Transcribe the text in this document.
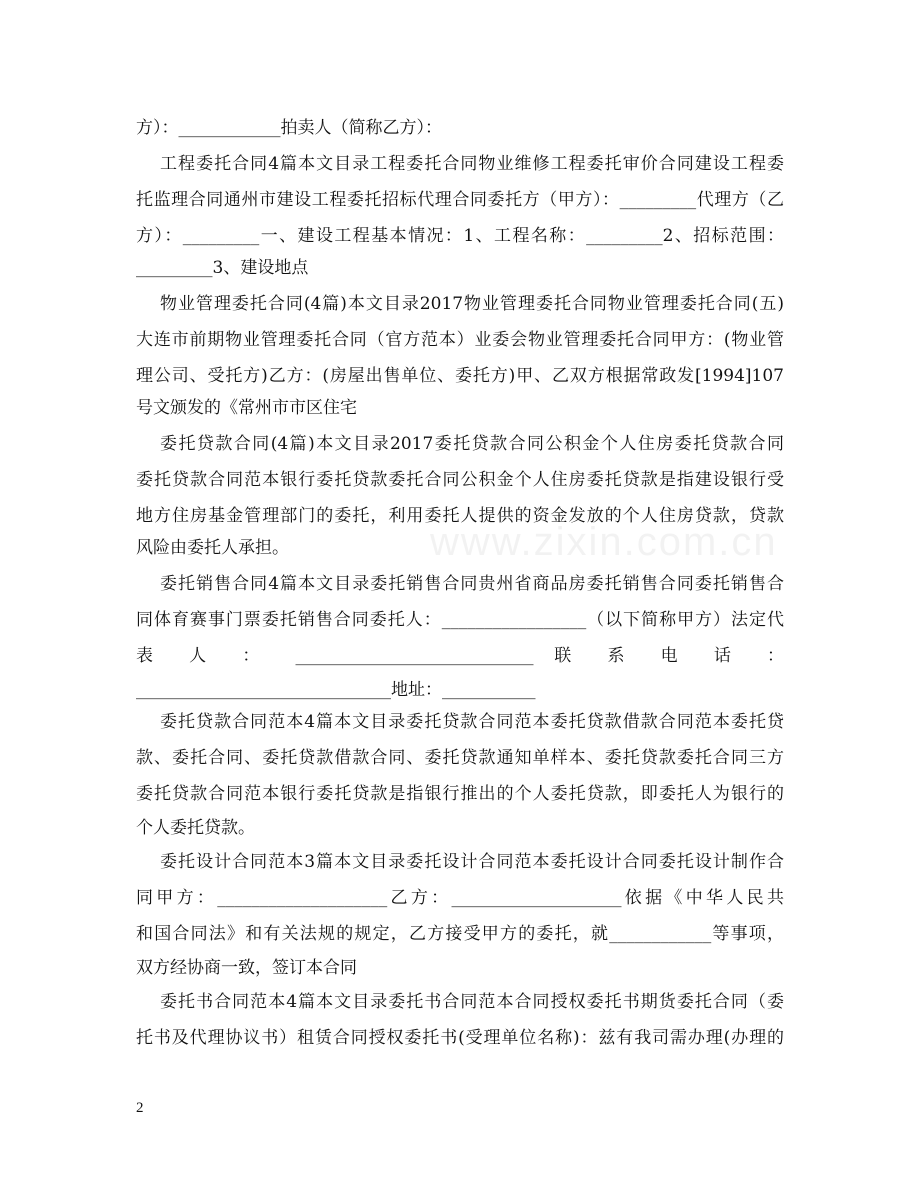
www.zixin.com.cn
方）：____________拍卖人（简称乙方）：
工程委托合同4篇本文目录工程委托合同物业维修工程委托审价合同建设工程委
托监理合同通州市建设工程委托招标代理合同委托方（甲方）：_________代理方（乙
方）：_________一、建设工程基本情况：1、工程名称：_________2、招标范围：
_________3、建设地点
物业管理委托合同(4篇)本文目录2017物业管理委托合同物业管理委托合同(五)
大连市前期物业管理委托合同（官方范本）业委会物业管理委托合同甲方：(物业管
理公司、受托方)乙方：(房屋出售单位、委托方)甲、乙双方根据常政发[1994]107
号文颁发的《常州市市区住宅
委托贷款合同(4篇)本文目录2017委托贷款合同公积金个人住房委托贷款合同
委托贷款合同范本银行委托贷款委托合同公积金个人住房委托贷款是指建设银行受
地方住房基金管理部门的委托，利用委托人提供的资金发放的个人住房贷款，贷款
风险由委托人承担。
委托销售合同4篇本文目录委托销售合同贵州省商品房委托销售合同委托销售合
同体育赛事门票委托销售合同委托人：_________________（以下简称甲方）法定代
表 人 ： ____________________________ 联 系 电 话 ：
______________________________地址：___________
委托贷款合同范本4篇本文目录委托贷款合同范本委托贷款借款合同范本委托贷
款、委托合同、委托贷款借款合同、委托贷款通知单样本、委托贷款委托合同三方
委托贷款合同范本银行委托贷款是指银行推出的个人委托贷款，即委托人为银行的
个人委托贷款。
委托设计合同范本3篇本文目录委托设计合同范本委托设计合同委托设计制作合
同甲方：____________________乙方：____________________依据《中华人民共
和国合同法》和有关法规的规定，乙方接受甲方的委托，就____________等事项，
双方经协商一致，签订本合同
委托书合同范本4篇本文目录委托书合同范本合同授权委托书期货委托合同（委
托书及代理协议书）租赁合同授权委托书(受理单位名称)：兹有我司需办理(办理的
2
